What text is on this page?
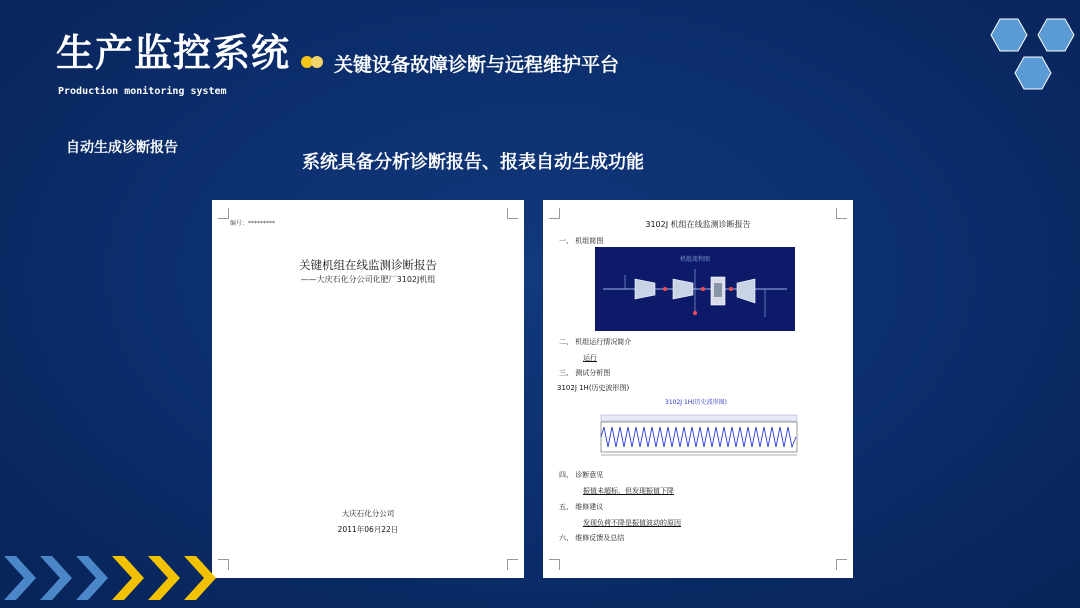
生产监控系统 关键设备故障诊断与远程维护平台
Production monitoring system
自动生成诊断报告
系统具备分析诊断报告、报表自动生成功能
编号：*********
关键机组在线监测诊断报告
——大庆石化分公司化肥厂3102J机组
大庆石化分公司
2011年06月22日
3102J 机组在线监测诊断报告
一、 机组简图
机组流程图
二、 机组运行情况简介
运行
三、 测试分析图
3102J 1H(历史波形图)
3102J 1H(历史波形图)
四、 诊断意见
振值未超标，但发现振值下降
五、 维修建议
发现负荷不降是振值波动的原因
六、 维修反馈及总结
